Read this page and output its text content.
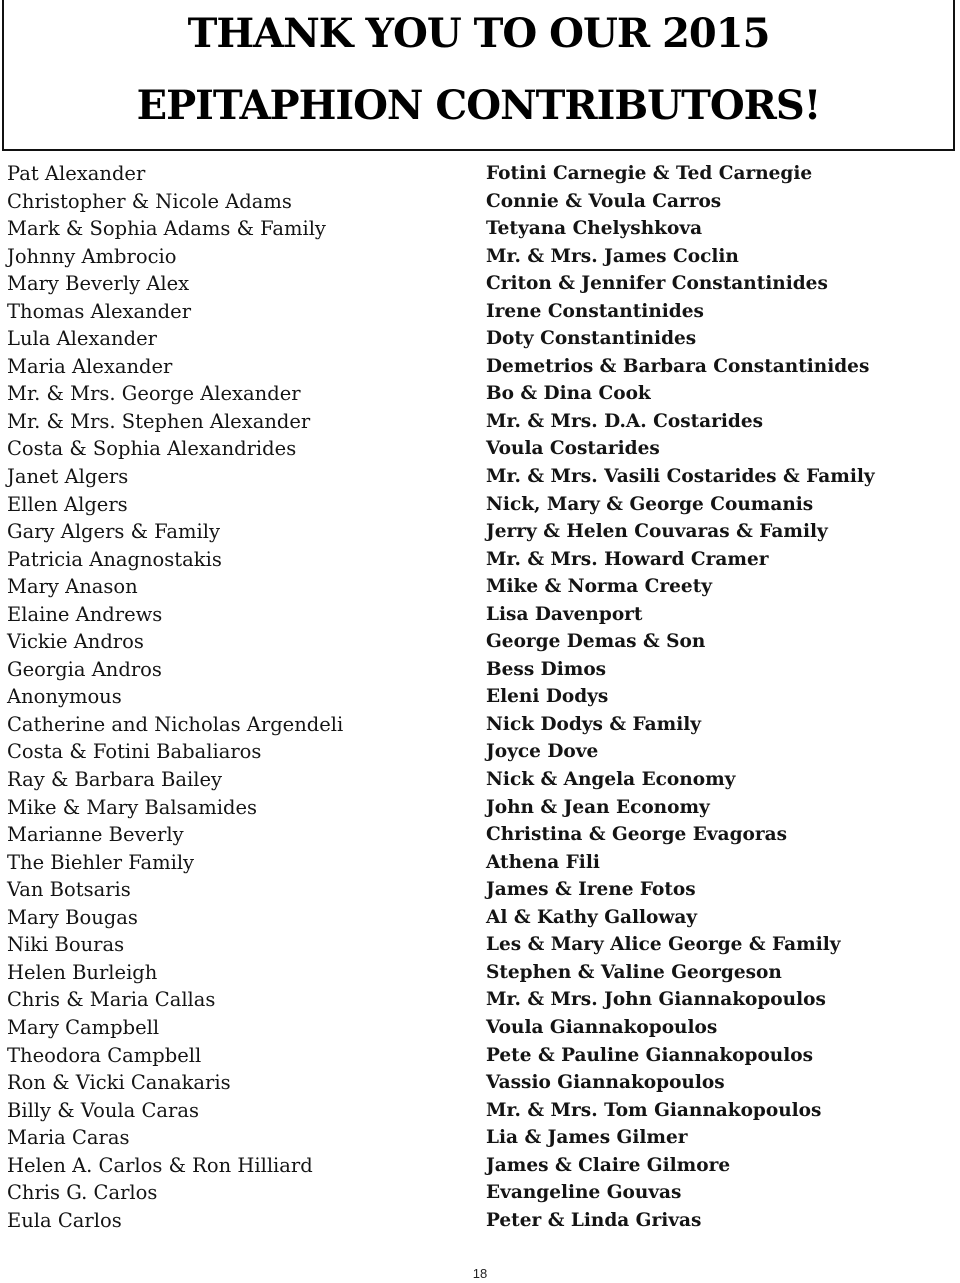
THANK YOU TO OUR 2015
EPITAPHION CONTRIBUTORS!
Pat Alexander
Christopher & Nicole Adams
Mark & Sophia Adams & Family
Johnny Ambrocio
Mary Beverly Alex
Thomas Alexander
Lula Alexander
Maria Alexander
Mr. & Mrs. George Alexander
Mr. & Mrs. Stephen Alexander
Costa & Sophia Alexandrides
Janet Algers
Ellen Algers
Gary Algers & Family
Patricia Anagnostakis
Mary Anason
Elaine Andrews
Vickie Andros
Georgia Andros
Anonymous
Catherine and Nicholas Argendeli
Costa & Fotini Babaliaros
Ray & Barbara Bailey
Mike & Mary Balsamides
Marianne Beverly
The Biehler Family
Van Botsaris
Mary Bougas
Niki Bouras
Helen Burleigh
Chris & Maria Callas
Mary Campbell
Theodora Campbell
Ron & Vicki Canakaris
Billy & Voula Caras
Maria Caras
Helen A. Carlos & Ron Hilliard
Chris G. Carlos
Eula Carlos
Fotini Carnegie & Ted Carnegie
Connie & Voula Carros
Tetyana Chelyshkova
Mr. & Mrs. James Coclin
Criton & Jennifer Constantinides
Irene Constantinides
Doty Constantinides
Demetrios & Barbara Constantinides
Bo & Dina Cook
Mr. & Mrs. D.A. Costarides
Voula Costarides
Mr. & Mrs. Vasili Costarides & Family
Nick, Mary & George Coumanis
Jerry & Helen Couvaras & Family
Mr. & Mrs. Howard Cramer
Mike & Norma Creety
Lisa Davenport
George Demas & Son
Bess Dimos
Eleni Dodys
Nick Dodys & Family
Joyce Dove
Nick & Angela Economy
John & Jean Economy
Christina & George Evagoras
Athena Fili
James & Irene Fotos
Al & Kathy Galloway
Les & Mary Alice George & Family
Stephen & Valine Georgeson
Mr. & Mrs. John Giannakopoulos
Voula Giannakopoulos
Pete & Pauline Giannakopoulos
Vassio Giannakopoulos
Mr. & Mrs. Tom Giannakopoulos
Lia & James Gilmer
James & Claire Gilmore
Evangeline Gouvas
Peter & Linda Grivas
18
